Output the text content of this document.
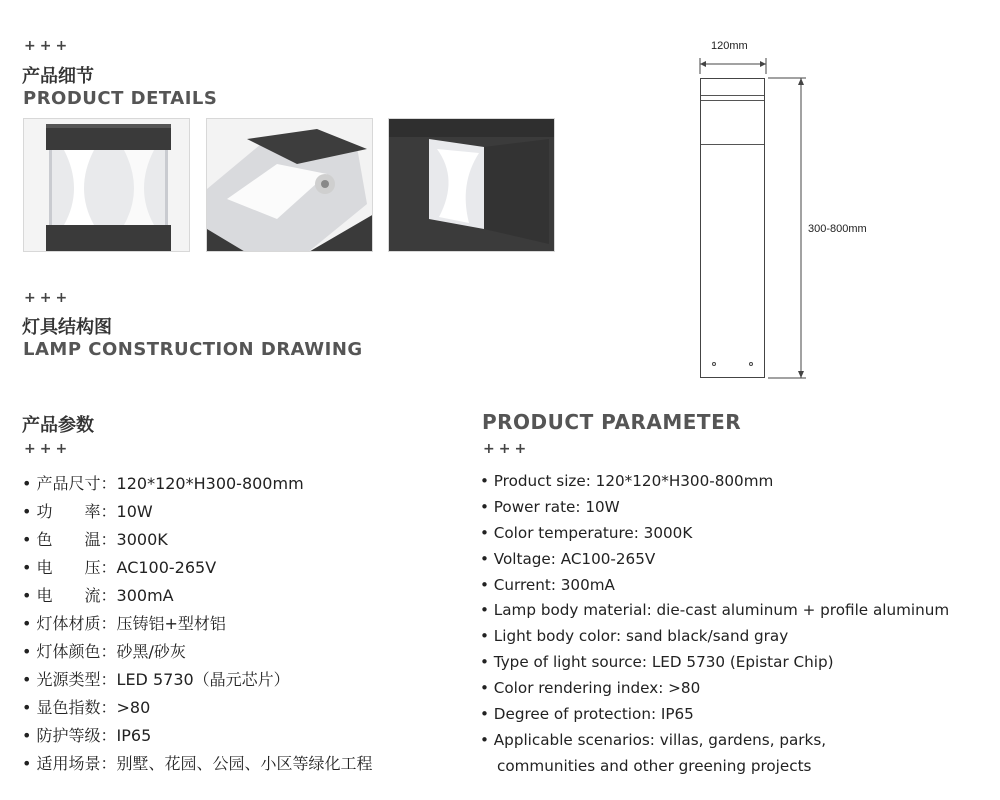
+++
产品细节
PRODUCT DETAILS
+++
灯具结构图
LAMP CONSTRUCTION DRAWING
120mm
300-800mm
产品参数
+++
• 产品尺寸：120*120*H300-800mm
• 功　　率：10W
• 色　　温：3000K
• 电　　压：AC100-265V
• 电　　流：300mA
• 灯体材质：压铸铝+型材铝
• 灯体颜色：砂黑/砂灰
• 光源类型：LED 5730（晶元芯片）
• 显色指数：>80
• 防护等级：IP65
• 适用场景：别墅、花园、公园、小区等绿化工程
PRODUCT PARAMETER
+++
• Product size: 120*120*H300-800mm
• Power rate: 10W
• Color temperature: 3000K
• Voltage: AC100-265V
• Current: 300mA
• Lamp body material: die-cast aluminum + profile aluminum
• Light body color: sand black/sand gray
• Type of light source: LED 5730 (Epistar Chip)
• Color rendering index: >80
• Degree of protection: IP65
• Applicable scenarios: villas, gardens, parks,
communities and other greening projects
